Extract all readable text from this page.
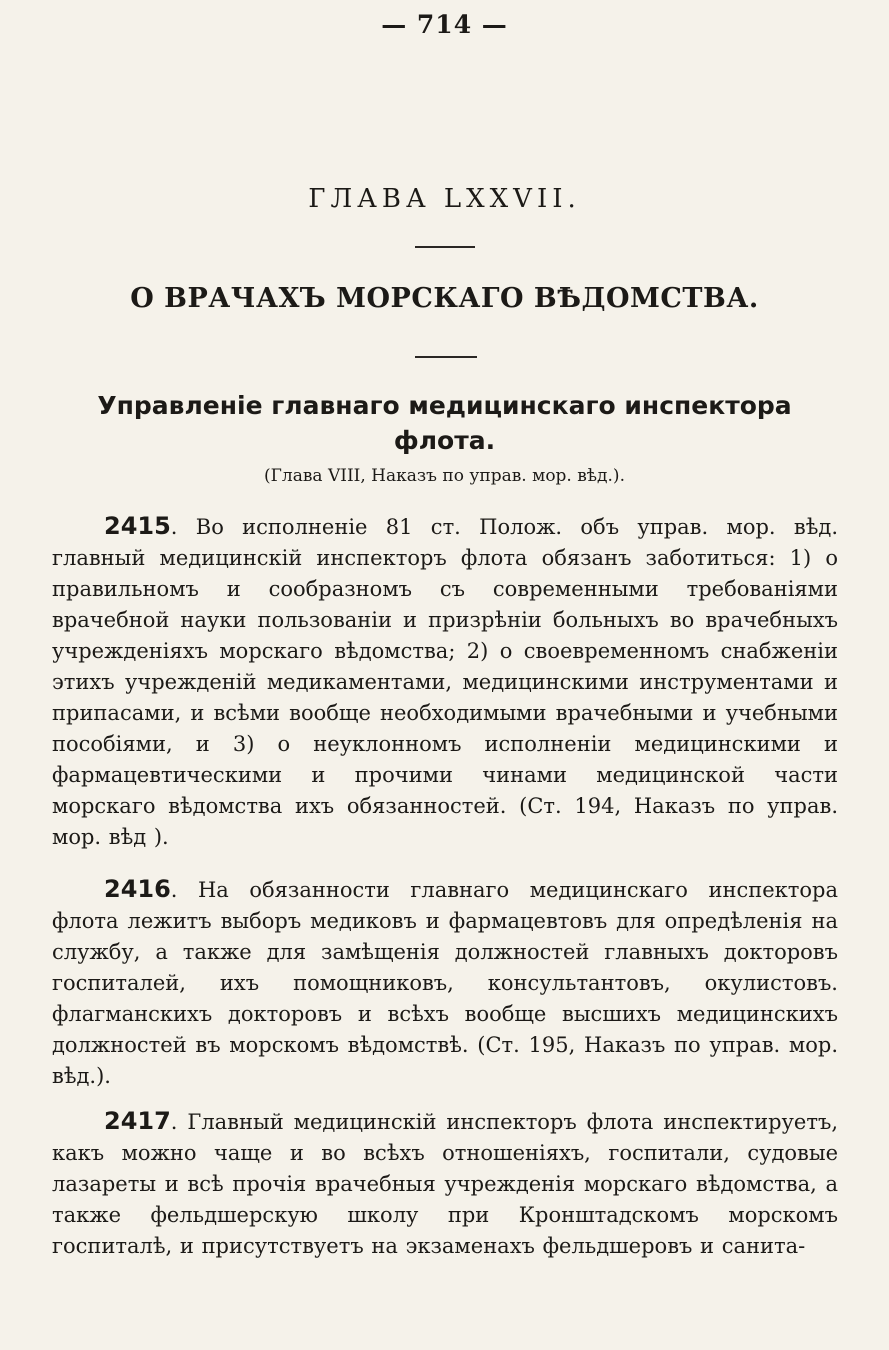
— 714 —
ГЛАВА LXXVII.
О ВРАЧАХЪ МОРСКАГО ВѢДОМСТВА.
Управленіе главнаго медицинскаго инспектора флота.
(Глава VIII, Наказъ по управ. мор. вѣд.).

2415. Во исполненіе 81 ст. Полож. объ управ. мор. вѣд. главный медицинскій инспекторъ флота обязанъ заботиться: 1) о правильномъ и сообразномъ съ современными требованіями врачебной науки пользованіи и призрѣніи больныхъ во врачебныхъ учрежденіяхъ морскаго вѣдомства; 2) о своевременномъ снабженіи этихъ учрежденій медикаментами, медицинскими инструментами и припасами, и всѣми вообще необходимыми врачебными и учебными пособіями, и 3) о неуклонномъ исполненіи медицинскими и фармацевтическими и прочими чинами медицинской части морскаго вѣдомства ихъ обязанностей. (Ст. 194, Наказъ по управ. мор. вѣд ).

2416. На обязанности главнаго медицинскаго инспектора флота лежитъ выборъ медиковъ и фармацевтовъ для опредѣленія на службу, а также для замѣщенія должностей главныхъ докторовъ госпиталей, ихъ помощниковъ, консультантовъ, окулистовъ. флагманскихъ докторовъ и всѣхъ вообще высшихъ медицинскихъ должностей въ морскомъ вѣдомствѣ. (Ст. 195, Наказъ по управ. мор. вѣд.).

2417. Главный медицинскій инспекторъ флота инспектируетъ, какъ можно чаще и во всѣхъ отношеніяхъ, госпитали, судовые лазареты и всѣ прочія врачебныя учрежденія морскаго вѣдомства, а также фельдшерскую школу при Кронштадскомъ морскомъ госпиталѣ, и присутствуетъ на экзаменахъ фельдшеровъ и санита-
